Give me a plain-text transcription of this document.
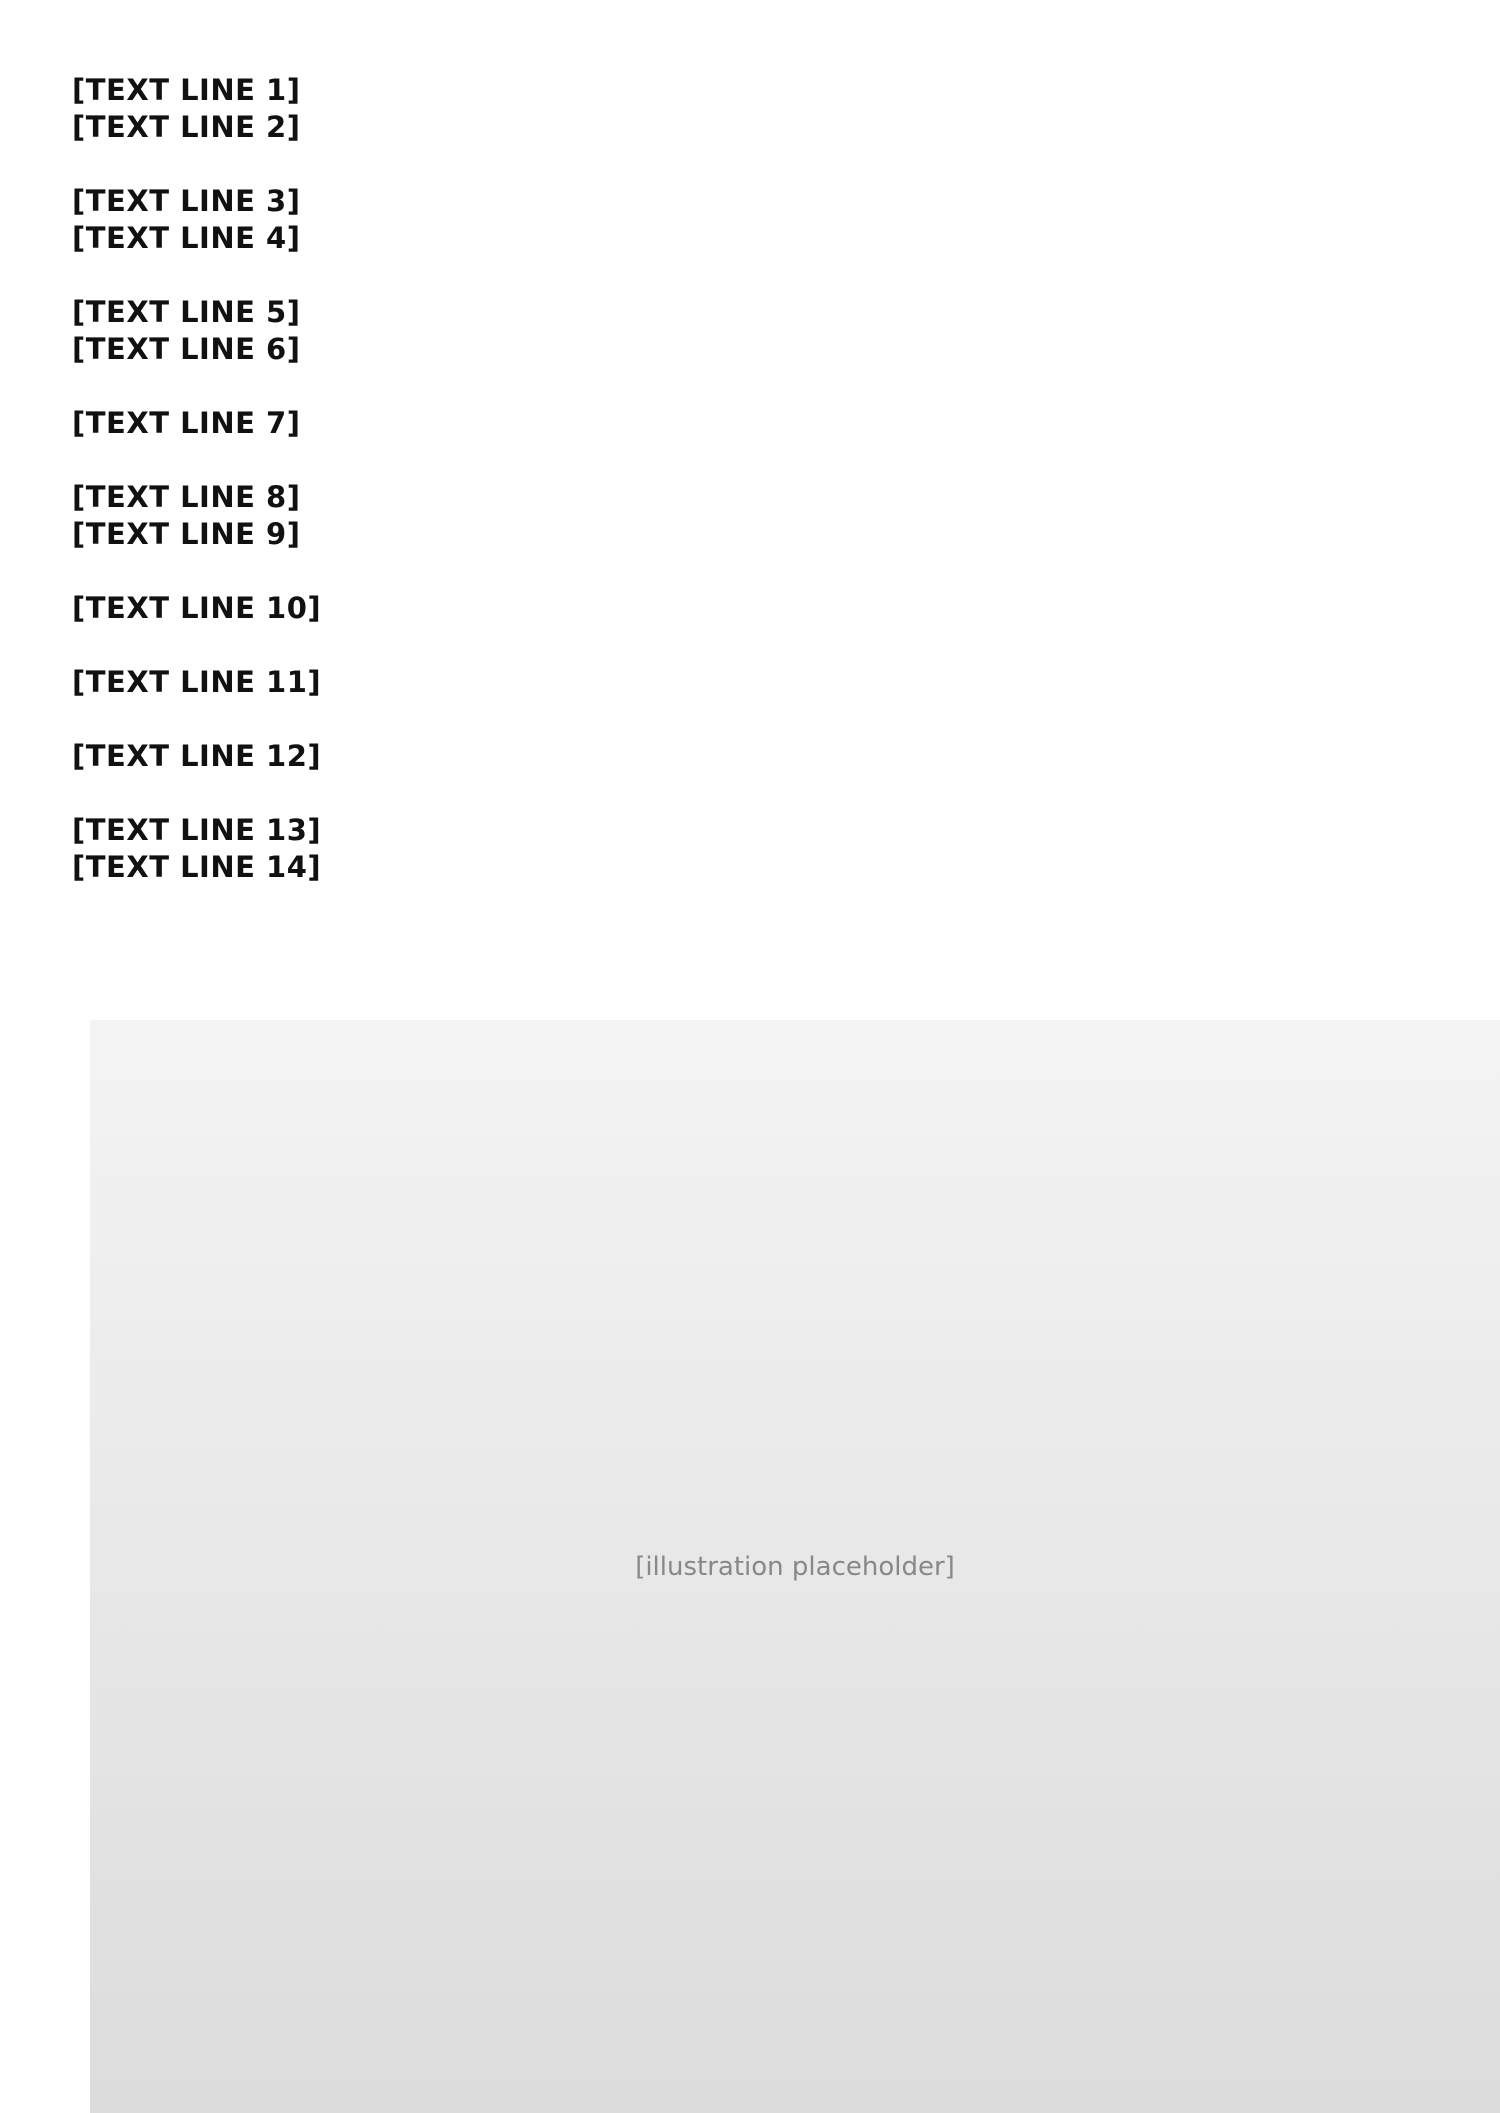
[TEXT LINE 1]
[TEXT LINE 2]
[TEXT LINE 3]
[TEXT LINE 4]
[TEXT LINE 5]
[TEXT LINE 6]
[TEXT LINE 7]
[TEXT LINE 8]
[TEXT LINE 9]
[TEXT LINE 10]
[TEXT LINE 11]
[TEXT LINE 12]
[TEXT LINE 13]
[TEXT LINE 14]
[illustration placeholder]
